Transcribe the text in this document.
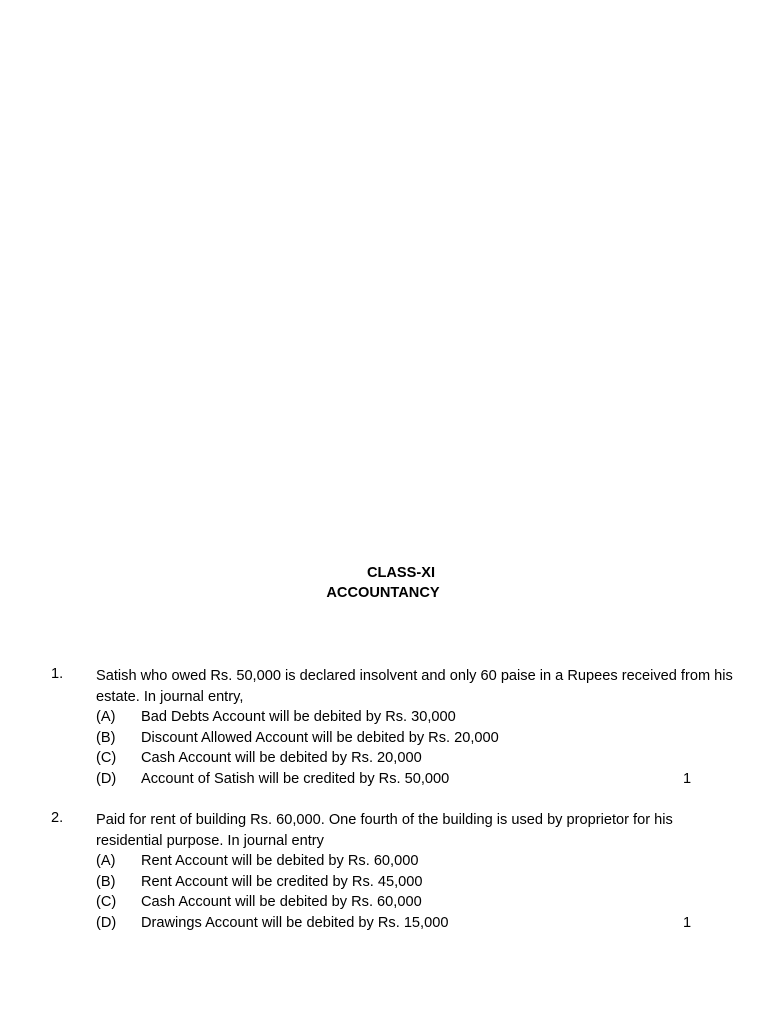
CLASS-XI
ACCOUNTANCY
1. Satish who owed Rs. 50,000 is declared insolvent and only 60 paise in a Rupees received from his estate. In journal entry,
(A) Bad Debts Account will be debited by Rs. 30,000
(B) Discount Allowed Account will be debited by Rs. 20,000
(C) Cash Account will be debited by Rs. 20,000
(D) Account of Satish will be credited by Rs. 50,000	1
2. Paid for rent of building Rs. 60,000. One fourth of the building is used by proprietor for his residential purpose. In journal entry
(A) Rent Account will be debited by Rs. 60,000
(B) Rent Account will be credited by Rs. 45,000
(C) Cash Account will be debited by Rs. 60,000
(D) Drawings Account will be debited by Rs. 15,000	1
